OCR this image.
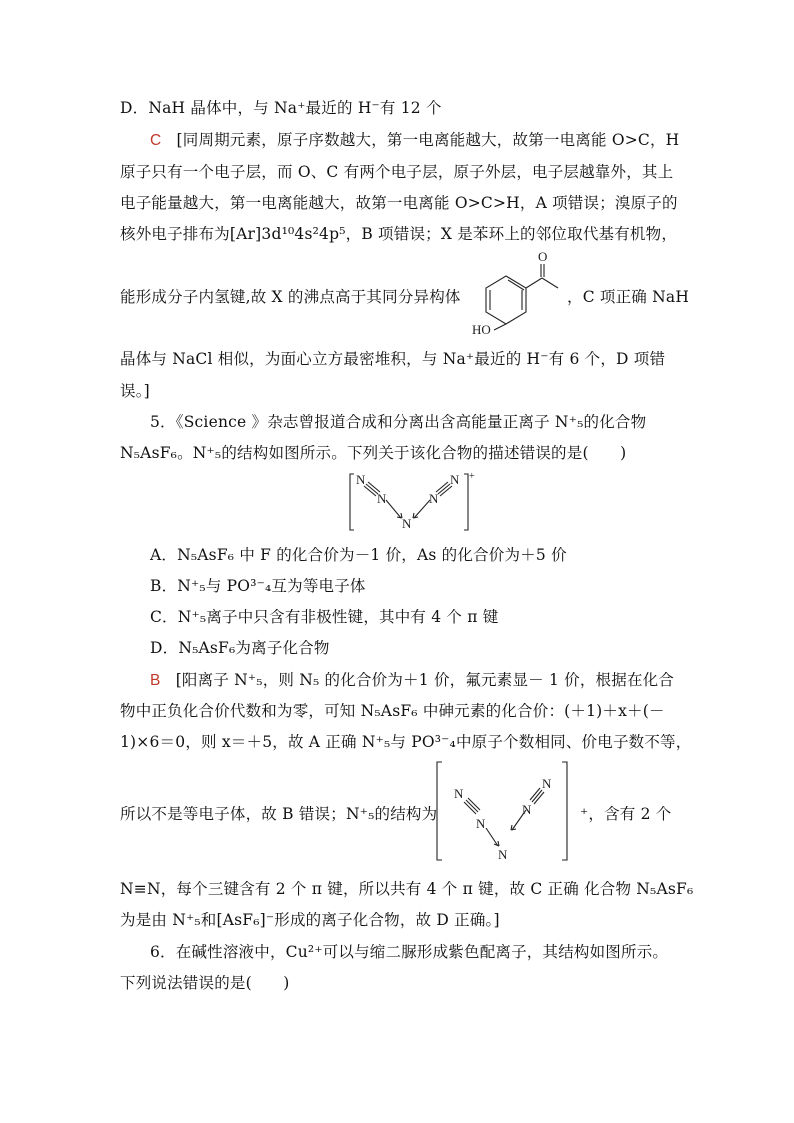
D．NaH 晶体中，与 Na⁺最近的 H⁻有 12 个
C [同周期元素，原子序数越大，第一电离能越大，故第一电离能 O>C，H
原子只有一个电子层，而 O、C 有两个电子层，原子外层，电子层越靠外，其上
电子能量越大，第一电离能越大，故第一电离能 O>C>H，A 项错误；溴原子的
核外电子排布为[Ar]3d¹⁰4s²4p⁵，B 项错误；X 是苯环上的邻位取代基有机物，
能形成分子内氢键,故 X 的沸点高于其同分异构体
O
HO
，C 项正确 NaH
晶体与 NaCl 相似，为面心立方最密堆积，与 Na⁺最近的 H⁻有 6 个，D 项错
误。]
5．《Science 》杂志曾报道合成和分离出含高能量正离子 N⁺₅的化合物
N₅AsF₆。N⁺₅的结构如图所示。下列关于该化合物的描述错误的是(　　)
N
N
N
N
N +
A．N₅AsF₆ 中 F 的化合价为－1 价，As 的化合价为＋5 价
B．N⁺₅与 PO³⁻₄互为等电子体
C．N⁺₅离子中只含有非极性键，其中有 4 个 π 键
D．N₅AsF₆为离子化合物
B [阳离子 N⁺₅，则 N₅ 的化合价为＋1 价，氟元素显－ 1 价，根据在化合
物中正负化合价代数和为零，可知 N₅AsF₆ 中砷元素的化合价：(＋1)＋x＋(－
1)×6＝0，则 x＝＋5，故 A 正确 N⁺₅与 PO³⁻₄中原子个数相同、价电子数不等，
所以不是等电子体，故 B 错误；N⁺₅的结构为
N
N
N
N
N
⁺，含有 2 个
N≡N，每个三键含有 2 个 π 键，所以共有 4 个 π 键，故 C 正确 化合物 N₅AsF₆
为是由 N⁺₅和[AsF₆]⁻形成的离子化合物，故 D 正确。]
6．在碱性溶液中，Cu²⁺可以与缩二脲形成紫色配离子，其结构如图所示。
下列说法错误的是(　　)
